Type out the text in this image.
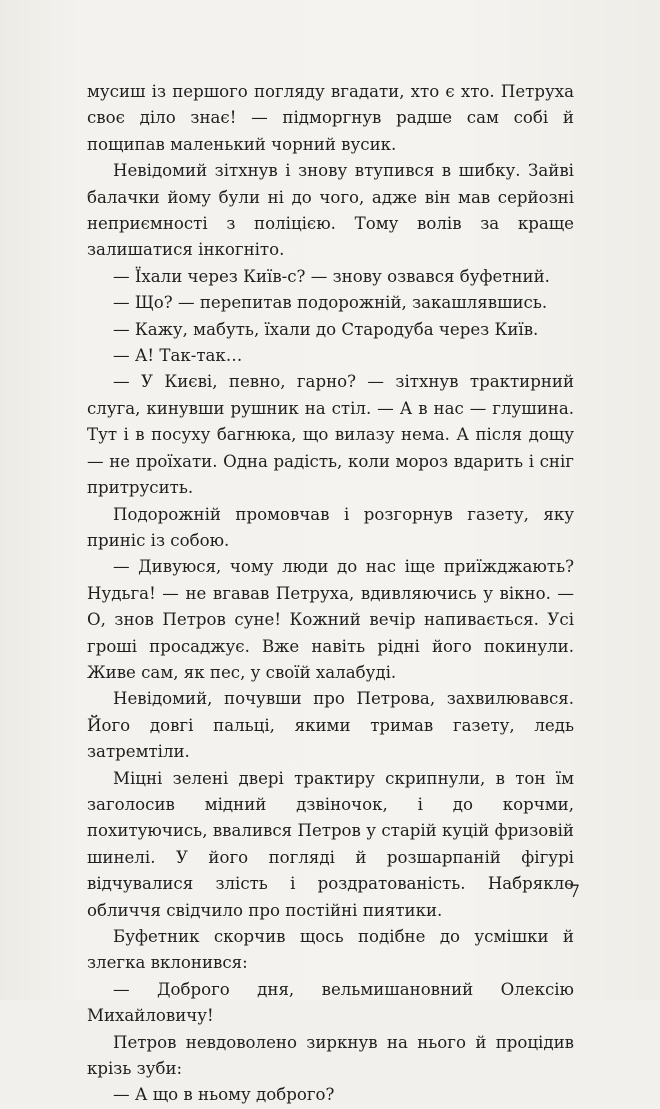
мусиш із першого погляду вгадати, хто є хто. Петруха своє діло знає! — підморгнув радше сам собі й пощипав маленький чорний вусик.

Невідомий зітхнув і знову втупився в шибку. Зайві балачки йому були ні до чого, адже він мав серйозні неприємності з поліцією. Тому волів за краще залишатися інкогніто.

— Їхали через Київ-с? — знову озвався буфетний.

— Що? — перепитав подорожній, закашлявшись.

— Кажу, мабуть, їхали до Стародуба через Київ.

— А! Так-так…

— У Києві, певно, гарно? — зітхнув трактирний слуга, кинувши рушник на стіл. — А в нас — глушина. Тут і в посуху багнюка, що вилазу нема. А після дощу — не проїхати. Одна радість, коли мороз вдарить і сніг притрусить.

Подорожній промовчав і розгорнув газету, яку приніс із собою.

— Дивуюся, чому люди до нас іще приїжджають? Нудьга! — не вгавав Петруха, вдивляючись у вікно. — О, знов Петров суне! Кожний вечір напивається. Усі гроші просаджує. Вже навіть рідні його покинули. Живе сам, як пес, у своїй халабуді.

Невідомий, почувши про Петрова, захвилювався. Його довгі пальці, якими тримав газету, ледь затремтіли.

Міцні зелені двері трактиру скрипнули, в тон їм заголосив мідний дзвіночок, і до корчми, похитуючись, ввалився Петров у старій куцій фризовій шинелі. У його погляді й розшарпаній фігурі відчувалися злість і роздратованість. Набрякле обличчя свідчило про постійні пиятики.

Буфетник скорчив щось подібне до усмішки й злегка вклонився:

— Доброго дня, вельмишановний Олексію Михайловичу!

Петров невдоволено зиркнув на нього й процідив крізь зуби:

— А що в ньому доброго?

7
